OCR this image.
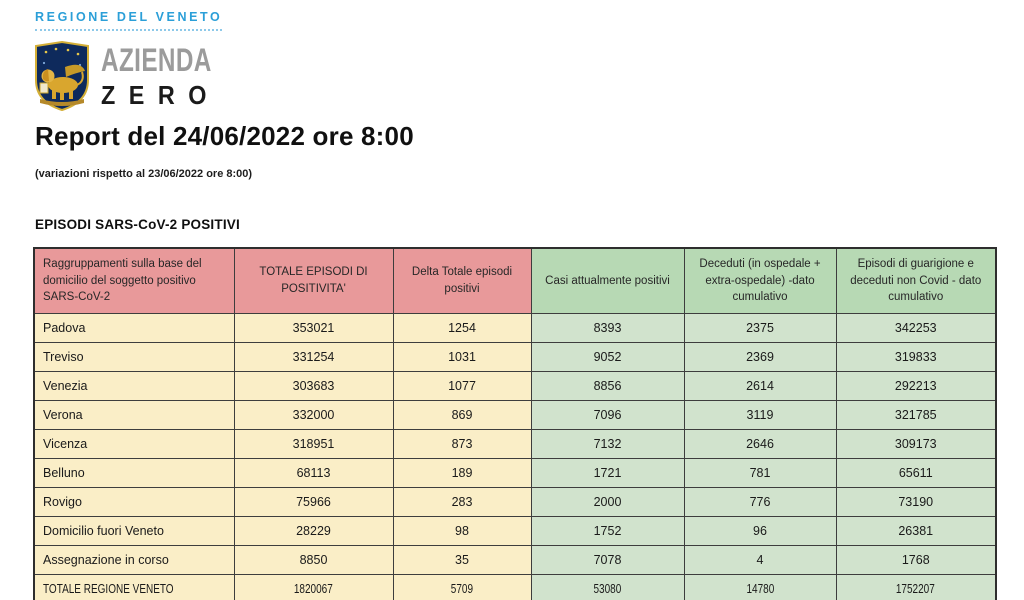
REGIONE DEL VENETO
AZIENDA
ZERO
Report del 24/06/2022 ore 8:00
(variazioni rispetto al 23/06/2022 ore 8:00)
EPISODI SARS-CoV-2 POSITIVI
Raggruppamenti sulla base del domicilio del soggetto positivo SARS-CoV-2	TOTALE EPISODI DI POSITIVITA'	Delta Totale episodi positivi	Casi attualmente positivi	Deceduti (in ospedale + extra-ospedale) -dato cumulativo	Episodi di guarigione e deceduti non Covid - dato cumulativo
Padova	353021	1254	8393	2375	342253
Treviso	331254	1031	9052	2369	319833
Venezia	303683	1077	8856	2614	292213
Verona	332000	869	7096	3119	321785
Vicenza	318951	873	7132	2646	309173
Belluno	68113	189	1721	781	65611
Rovigo	75966	283	2000	776	73190
Domicilio fuori Veneto	28229	98	1752	96	26381
Assegnazione in corso	8850	35	7078	4	1768
TOTALE REGIONE VENETO	1820067	5709	53080	14780	1752207
